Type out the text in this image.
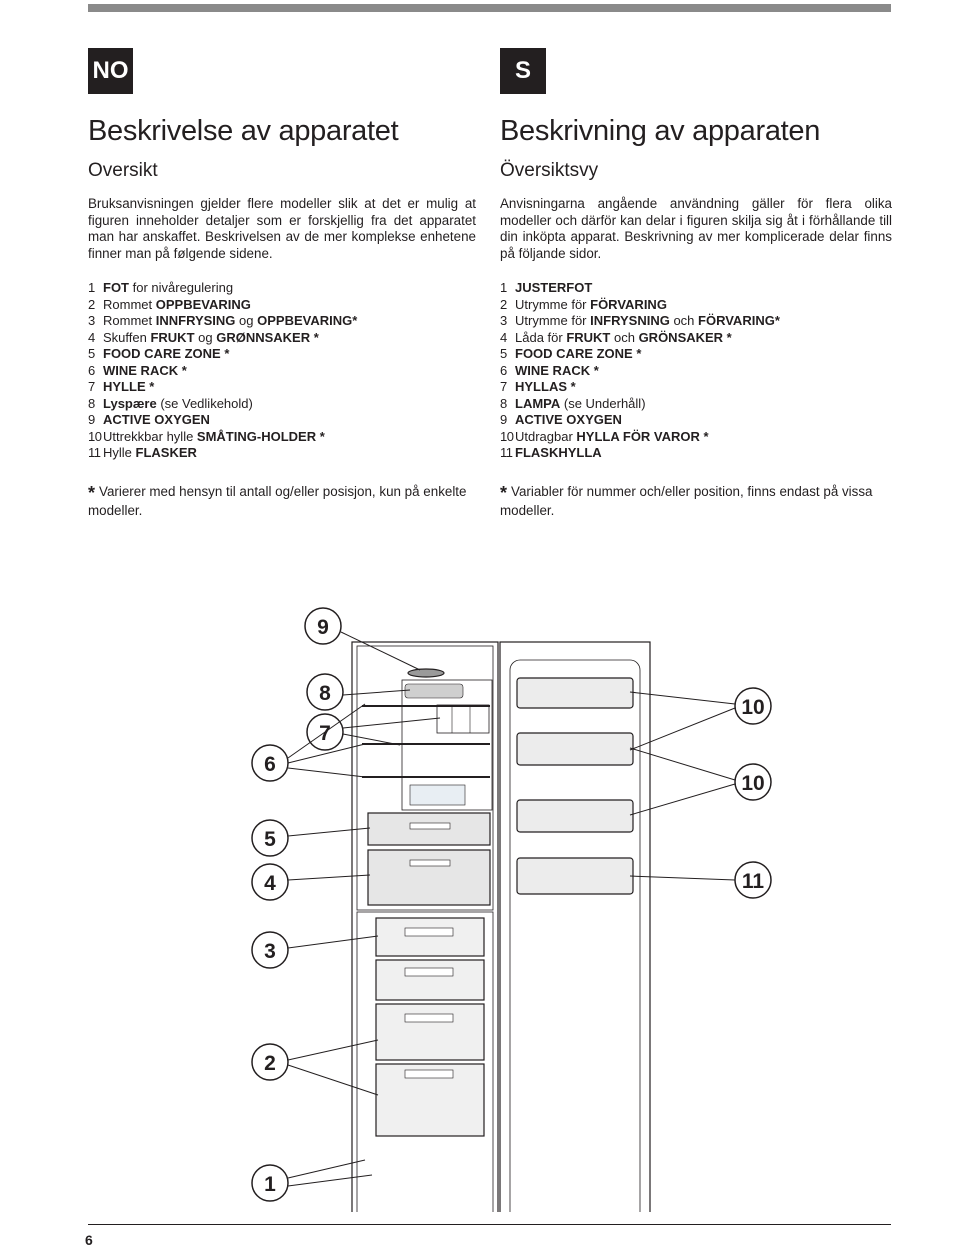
NO
Beskrivelse av apparatet
Oversikt

Bruksanvisningen gjelder flere modeller slik at det er mulig at figuren inneholder detaljer som er forskjellig fra det apparatet man har anskaffet. Beskrivelsen av de mer komplekse enhetene finner man på følgende sidene.

1 FOT for nivåregulering
2 Rommet OPPBEVARING
3 Rommet INNFRYSING og OPPBEVARING*
4 Skuffen FRUKT og GRØNNSAKER *
5 FOOD CARE ZONE *
6 WINE RACK *
7 HYLLE *
8 Lyspære (se Vedlikehold)
9 ACTIVE OXYGEN
10 Uttrekkbar hylle SMÅTING-HOLDER *
11 Hylle FLASKER

* Varierer med hensyn til antall og/eller posisjon, kun på enkelte modeller.

S
Beskrivning av apparaten
Översiktsvy

Anvisningarna angående användning gäller för flera olika modeller och därför kan delar i figuren skilja sig åt i förhållande till din inköpta apparat. Beskrivning av mer komplicerade delar finns på följande sidor.

1 JUSTERFOT
2 Utrymme för FÖRVARING
3 Utrymme för INFRYSNING och FÖRVARING*
4 Låda för FRUKT och GRÖNSAKER *
5 FOOD CARE ZONE *
6 WINE RACK *
7 HYLLAS *
8 LAMPA (se Underhåll)
9 ACTIVE OXYGEN
10 Utdragbar HYLLA FÖR VAROR *
11 FLASKHYLLA

* Variabler för nummer och/eller position, finns endast på vissa modeller.

9
8
7
6
5
4
3
2
1
10
10
11
6
